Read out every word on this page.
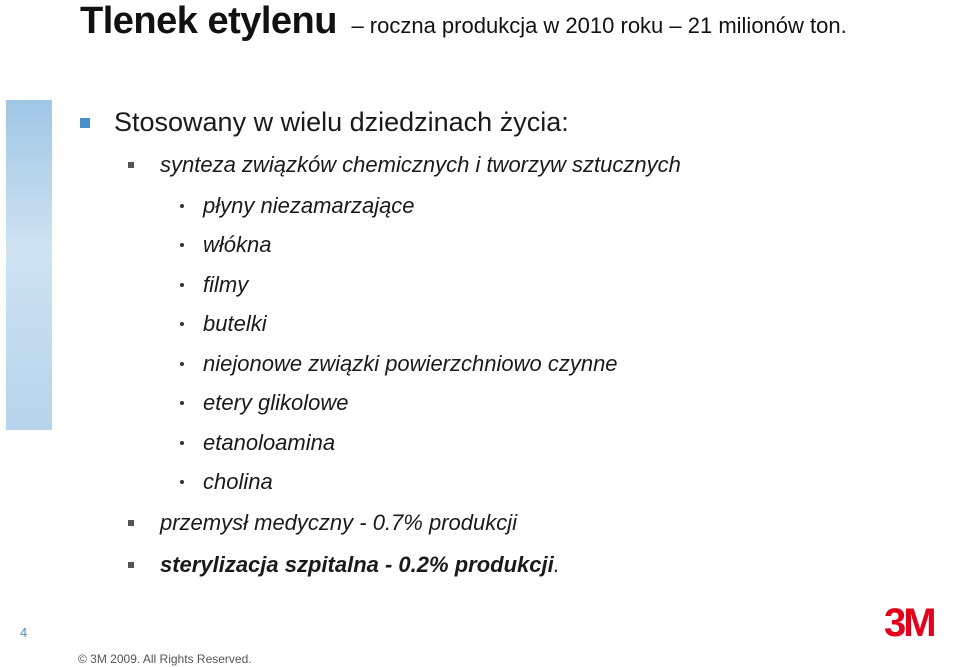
Tlenek etylenu – roczna produkcja w 2010 roku – 21 milionów ton.
Stosowany w wielu dziedzinach życia:
synteza związków chemicznych i tworzyw sztucznych
płyny niezamarzające
włókna
filmy
butelki
niejonowe związki powierzchniowo czynne
etery glikolowe
etanoloamina
cholina
przemysł medyczny - 0.7% produkcji
sterylizacja szpitalna - 0.2% produkcji.
4
© 3M 2009. All Rights Reserved.
3M
